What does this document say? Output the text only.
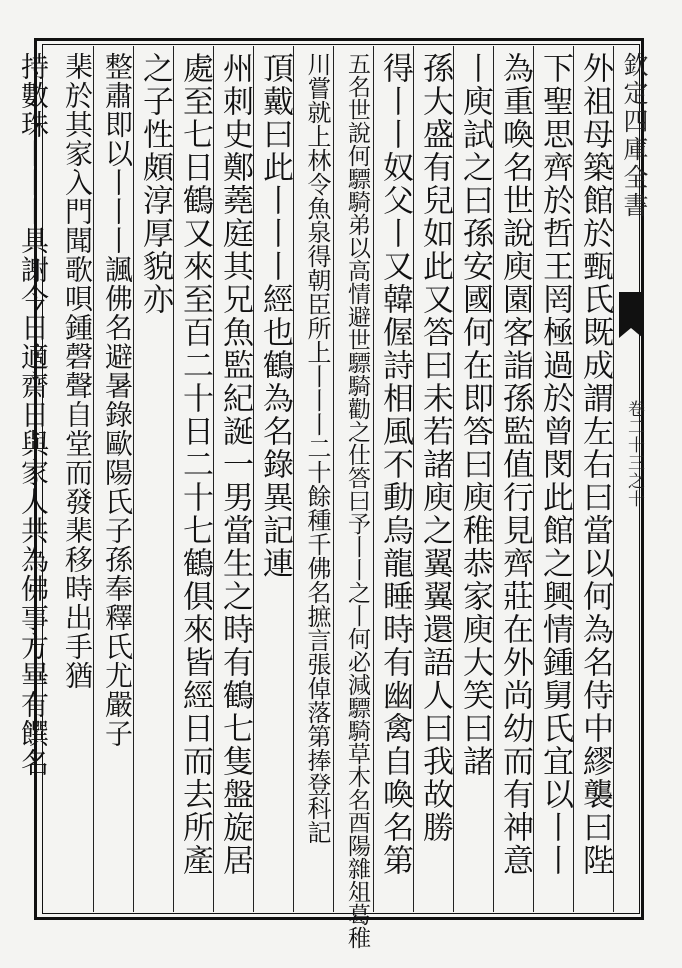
欽定四庫全書
卷二十三之十
外祖母築館於甄氏既成謂左右曰當以何為名侍中繆襲曰陛
下聖思齊於哲王罔極過於曾閔此館之興情鍾舅氏宜以丨丨
為重喚名世說庾園客詣孫監值行見齊莊在外尚幼而有神意
丨庾試之曰孫安國何在即答曰庾稚恭家庾大笑曰諸
孫大盛有兒如此又答曰未若諸庾之翼翼還語人曰我故勝
得丨丨奴父丨又韓偓詩相風不動烏龍睡時有幽禽自喚名第
五名世說何驃騎弟以高情避世驃騎勸之仕答曰予丨丨之丨何必減驃騎草木名酉陽雜俎葛稚
川嘗就上林令魚泉得朝臣所上丨丨丨二十餘種千佛名摭言張倬落第捧登科記
頂戴曰此丨丨丨經也鶴為名錄異記連
州刺史鄭蕘庭其兄魚監紀誕一男當生之時有鶴七隻盤旋居
處至七日鶴又來至百二十日二十七鶴俱來皆經日而去所產
之子性頗淳厚貌亦
整肅即以丨丨丨諷佛名避暑錄歐陽氏子孫奉釋氏尤嚴子
棐於其家入門聞歌唄鍾磬聲自堂而發棐移時出手猶
持數珠丨丨丨具謝今日適齋日與家人共為佛事方畢有饌名
